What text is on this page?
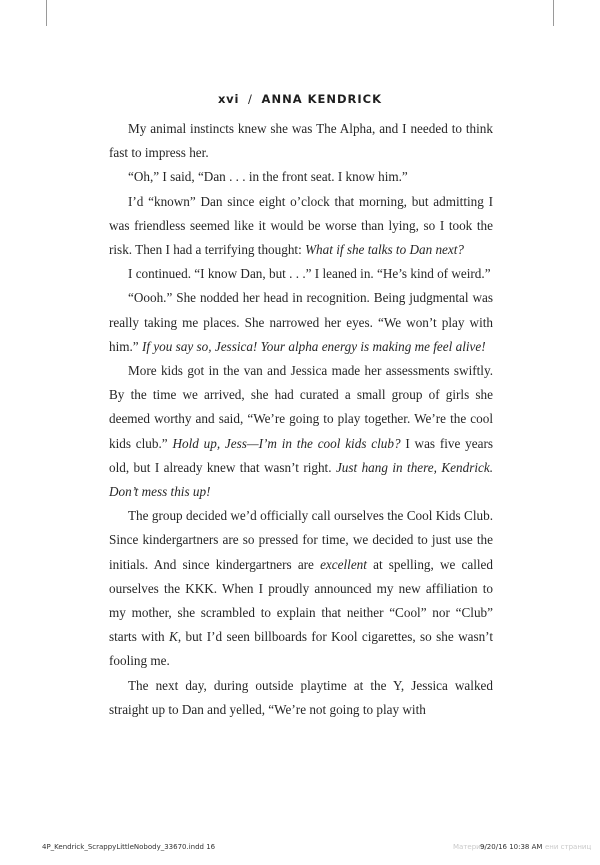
xvi / ANNA KENDRICK

My animal instincts knew she was The Alpha, and I needed to think fast to impress her.

“Oh,” I said, “Dan . . . in the front seat. I know him.”

I’d “known” Dan since eight o’clock that morning, but admitting I was friendless seemed like it would be worse than lying, so I took the risk. Then I had a terrifying thought: What if she talks to Dan next?

I continued. “I know Dan, but . . .” I leaned in. “He’s kind of weird.”

“Oooh.” She nodded her head in recognition. Being judgmental was really taking me places. She narrowed her eyes. “We won’t play with him.” If you say so, Jessica! Your alpha energy is making me feel alive!

More kids got in the van and Jessica made her assessments swiftly. By the time we arrived, she had curated a small group of girls she deemed worthy and said, “We’re going to play together. We’re the cool kids club.” Hold up, Jess—I’m in the cool kids club? I was five years old, but I already knew that wasn’t right. Just hang in there, Kendrick. Don’t mess this up!

The group decided we’d officially call ourselves the Cool Kids Club. Since kindergartners are so pressed for time, we decided to just use the initials. And since kindergartners are excellent at spelling, we called ourselves the KKK. When I proudly announced my new affiliation to my mother, she scrambled to explain that neither “Cool” nor “Club” starts with K, but I’d seen billboards for Kool cigarettes, so she wasn’t fooling me.

The next day, during outside playtime at the Y, Jessica walked straight up to Dan and yelled, “We’re not going to play with

4P_Kendrick_ScrappyLittleNobody_33670.indd 16	Материа
9/20/16 10:38 AM ени страниц
